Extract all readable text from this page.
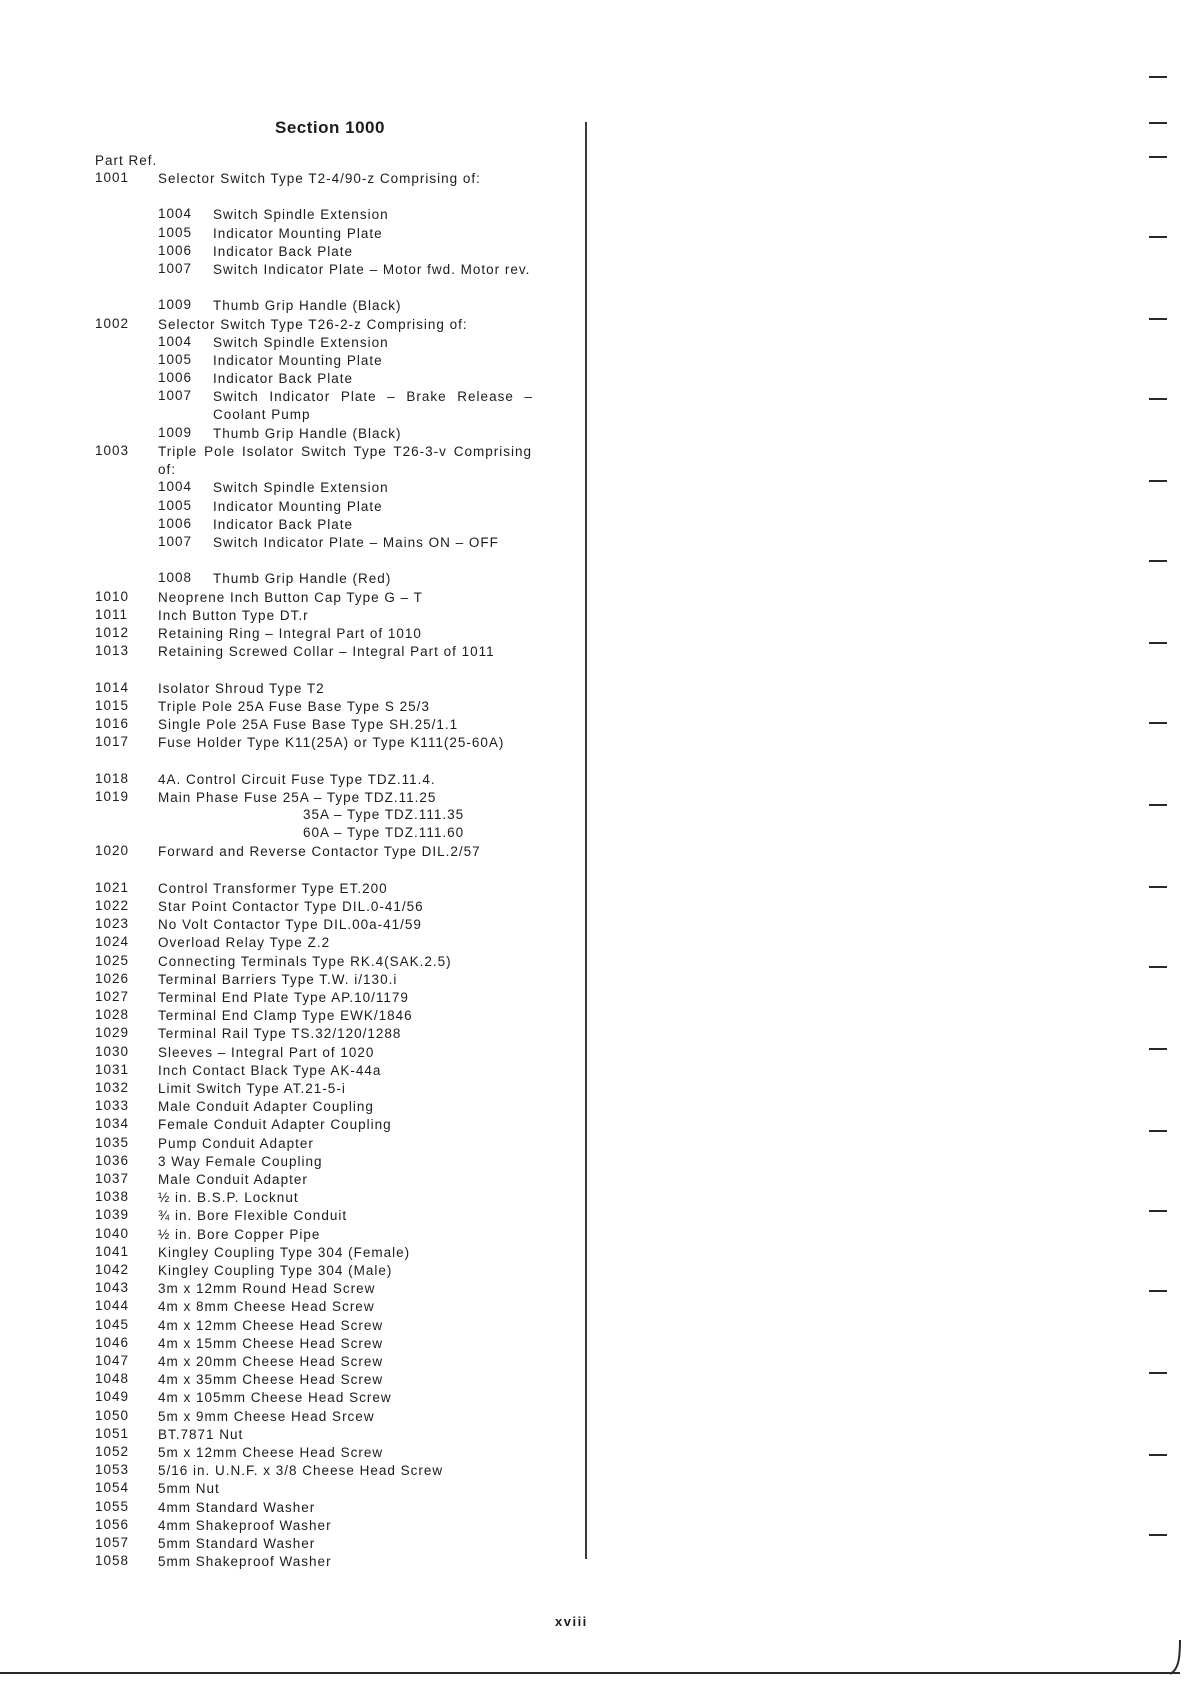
Section 1000
Part Ref.
1001	Selector Switch Type T2-4/90-z Comprising of:
1004 Switch Spindle Extension
1005 Indicator Mounting Plate
1006 Indicator Back Plate
1007 Switch Indicator Plate – Motor fwd. Motor rev.
1009 Thumb Grip Handle (Black)
1002	Selector Switch Type T26-2-z Comprising of:
1004 Switch Spindle Extension
1005 Indicator Mounting Plate
1006 Indicator Back Plate
1007 Switch Indicator Plate – Brake Release – Coolant Pump
1009 Thumb Grip Handle (Black)
1003	Triple Pole Isolator Switch Type T26-3-v Comprising of:
1004 Switch Spindle Extension
1005 Indicator Mounting Plate
1006 Indicator Back Plate
1007 Switch Indicator Plate – Mains ON – OFF
1008 Thumb Grip Handle (Red)
1010	Neoprene Inch Button Cap Type G – T
1011	Inch Button Type DT.r
1012	Retaining Ring – Integral Part of 1010
1013	Retaining Screwed Collar – Integral Part of 1011
1014	Isolator Shroud Type T2
1015	Triple Pole 25A Fuse Base Type S 25/3
1016	Single Pole 25A Fuse Base Type SH.25/1.1
1017	Fuse Holder Type K11(25A) or Type K111(25-60A)
1018	4A. Control Circuit Fuse Type TDZ.11.4.
1019	Main Phase Fuse 25A – Type TDZ.11.25
35A – Type TDZ.111.35
60A – Type TDZ.111.60
1020	Forward and Reverse Contactor Type DIL.2/57
1021	Control Transformer Type ET.200
1022	Star Point Contactor Type DIL.0-41/56
1023	No Volt Contactor Type DIL.00a-41/59
1024	Overload Relay Type Z.2
1025	Connecting Terminals Type RK.4(SAK.2.5)
1026	Terminal Barriers Type T.W. i/130.i
1027	Terminal End Plate Type AP.10/1179
1028	Terminal End Clamp Type EWK/1846
1029	Terminal Rail Type TS.32/120/1288
1030	Sleeves – Integral Part of 1020
1031	Inch Contact Black Type AK-44a
1032	Limit Switch Type AT.21-5-i
1033	Male Conduit Adapter Coupling
1034	Female Conduit Adapter Coupling
1035	Pump Conduit Adapter
1036	3 Way Female Coupling
1037	Male Conduit Adapter
1038	½ in. B.S.P. Locknut
1039	¾ in. Bore Flexible Conduit
1040	½ in. Bore Copper Pipe
1041	Kingley Coupling Type 304 (Female)
1042	Kingley Coupling Type 304 (Male)
1043	3m x 12mm Round Head Screw
1044	4m x 8mm Cheese Head Screw
1045	4m x 12mm Cheese Head Screw
1046	4m x 15mm Cheese Head Screw
1047	4m x 20mm Cheese Head Screw
1048	4m x 35mm Cheese Head Screw
1049	4m x 105mm Cheese Head Screw
1050	5m x 9mm Cheese Head Srcew
1051	BT.7871 Nut
1052	5m x 12mm Cheese Head Screw
1053	5/16 in. U.N.F. x 3/8 Cheese Head Screw
1054	5mm Nut
1055	4mm Standard Washer
1056	4mm Shakeproof Washer
1057	5mm Standard Washer
1058	5mm Shakeproof Washer
xviii
